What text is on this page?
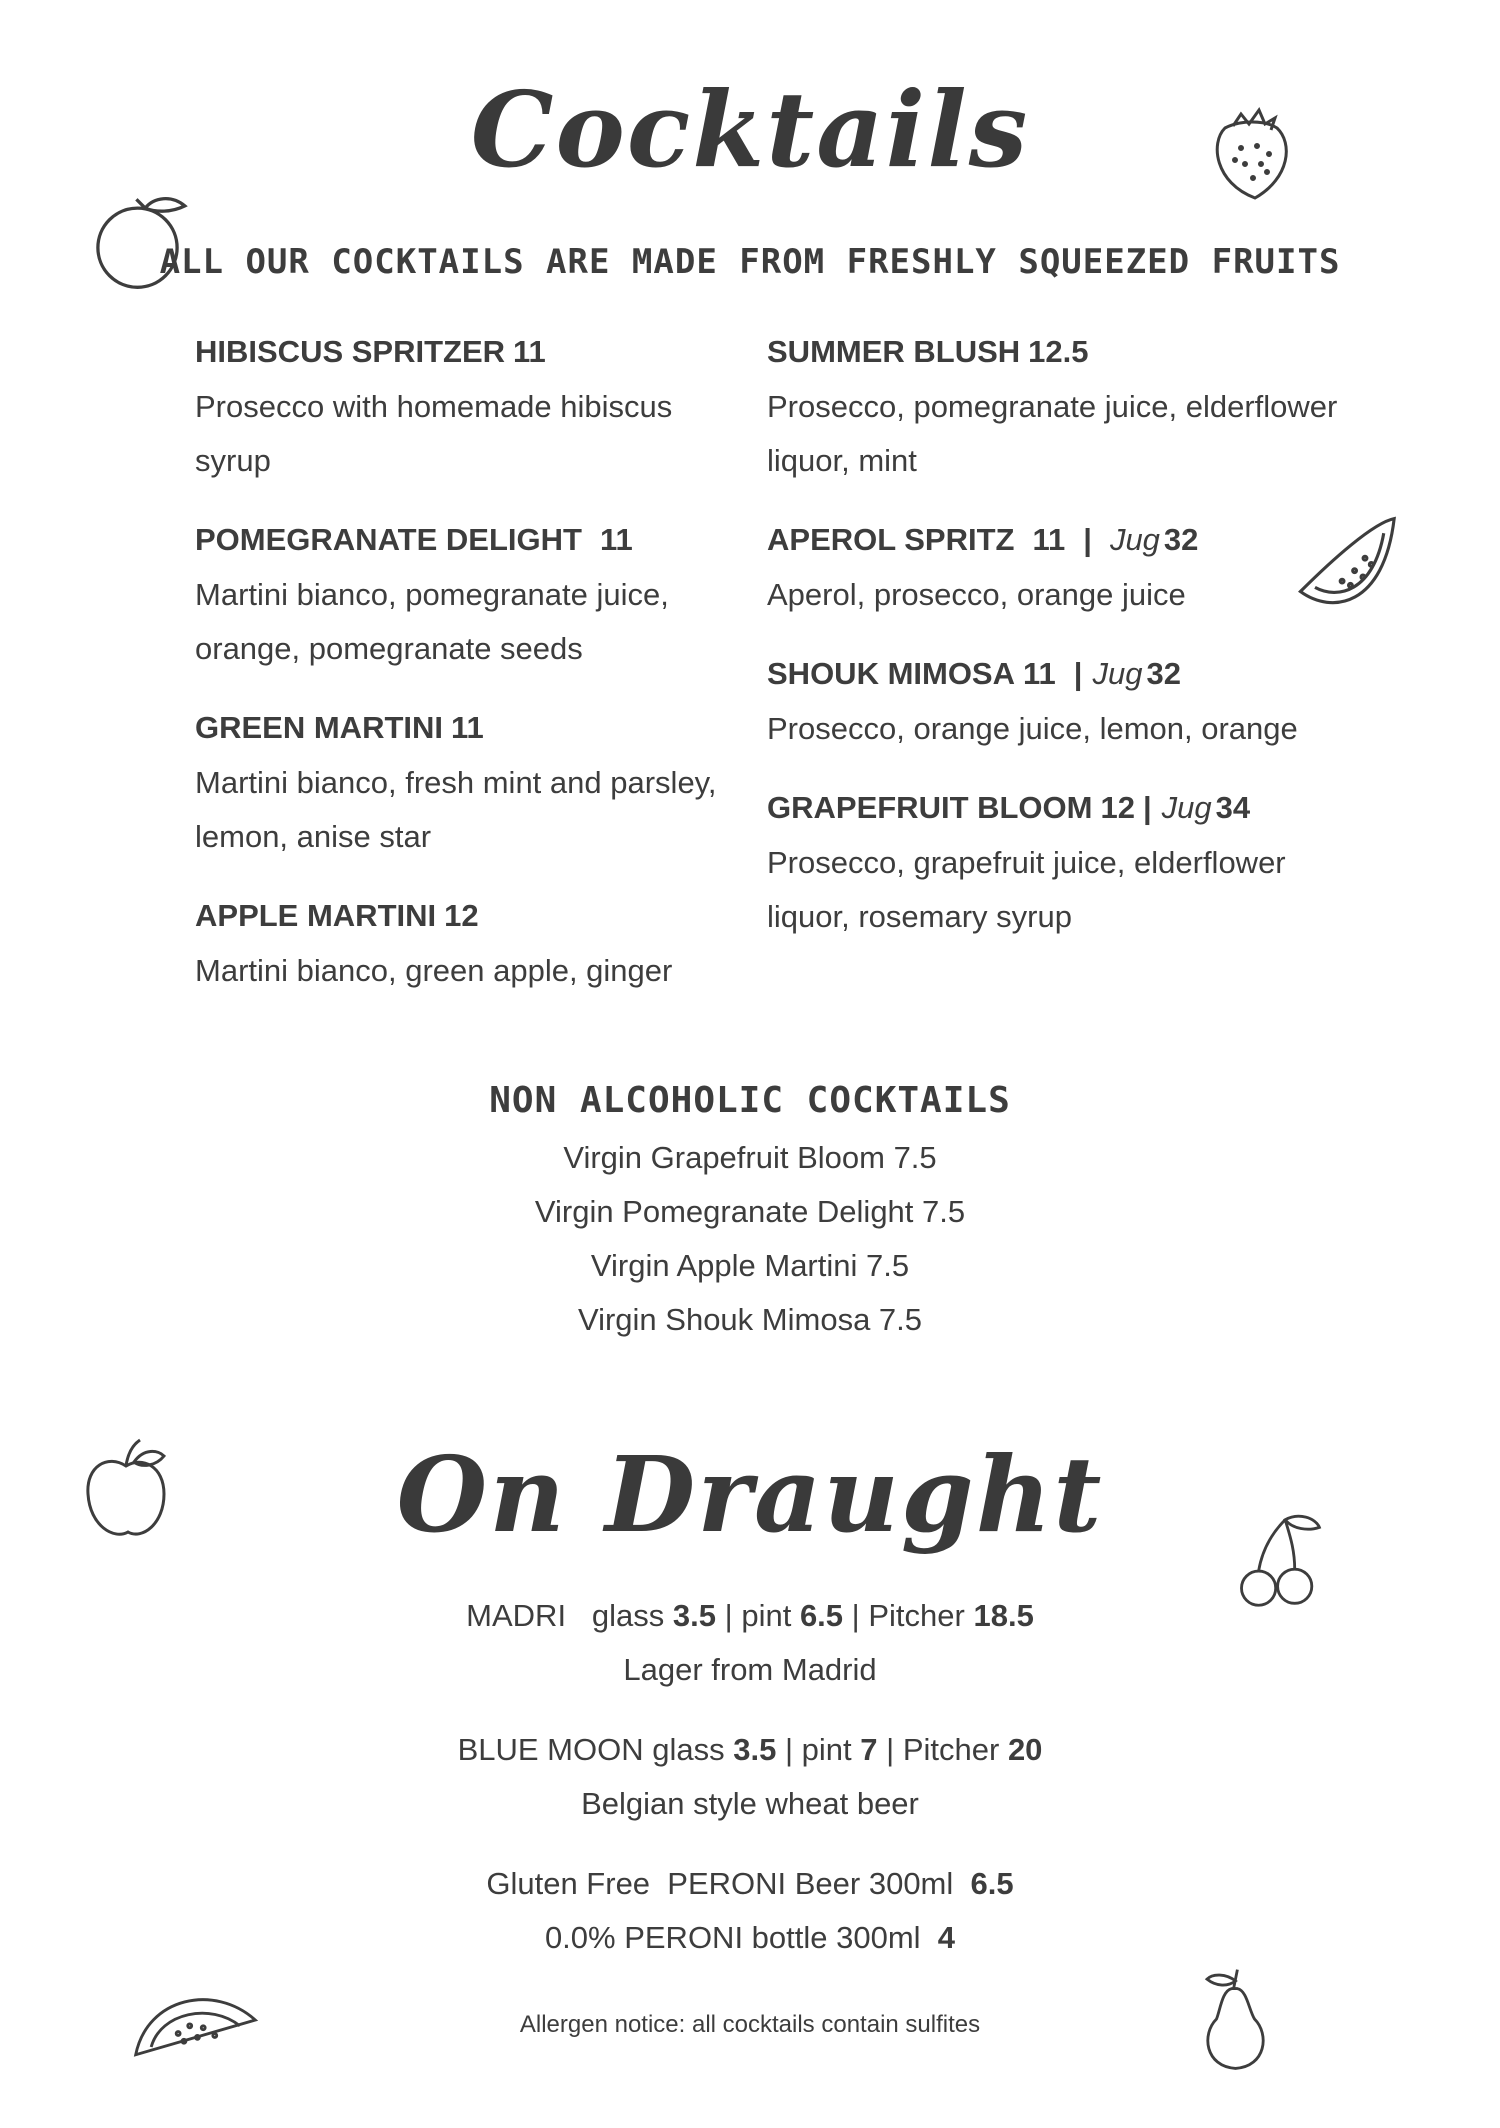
Cocktails
ALL OUR COCKTAILS ARE MADE FROM FRESHLY SQUEEZED FRUITS
HIBISCUS SPRITZER 11
Prosecco with homemade hibiscus syrup
POMEGRANATE DELIGHT 11
Martini bianco, pomegranate juice, orange, pomegranate seeds
GREEN MARTINI 11
Martini bianco, fresh mint and parsley, lemon, anise star
APPLE MARTINI 12
Martini bianco, green apple, ginger
SUMMER BLUSH 12.5
Prosecco, pomegranate juice, elderflower liquor, mint
APEROL SPRITZ 11 | Jug 32
Aperol, prosecco, orange juice
SHOUK MIMOSA 11 | Jug 32
Prosecco, orange juice, lemon, orange
GRAPEFRUIT BLOOM 12 | Jug 34
Prosecco, grapefruit juice, elderflower liquor, rosemary syrup
NON ALCOHOLIC COCKTAILS
Virgin Grapefruit Bloom 7.5
Virgin Pomegranate Delight 7.5
Virgin Apple Martini 7.5
Virgin Shouk Mimosa 7.5
On Draught
MADRI glass 3.5 | pint 6.5 | Pitcher 18.5
Lager from Madrid
BLUE MOON glass 3.5 | pint 7 | Pitcher 20
Belgian style wheat beer
Gluten Free  PERONI Beer 300ml 6.5
0.0% PERONI bottle 300ml 4
Allergen notice: all cocktails contain sulfites
